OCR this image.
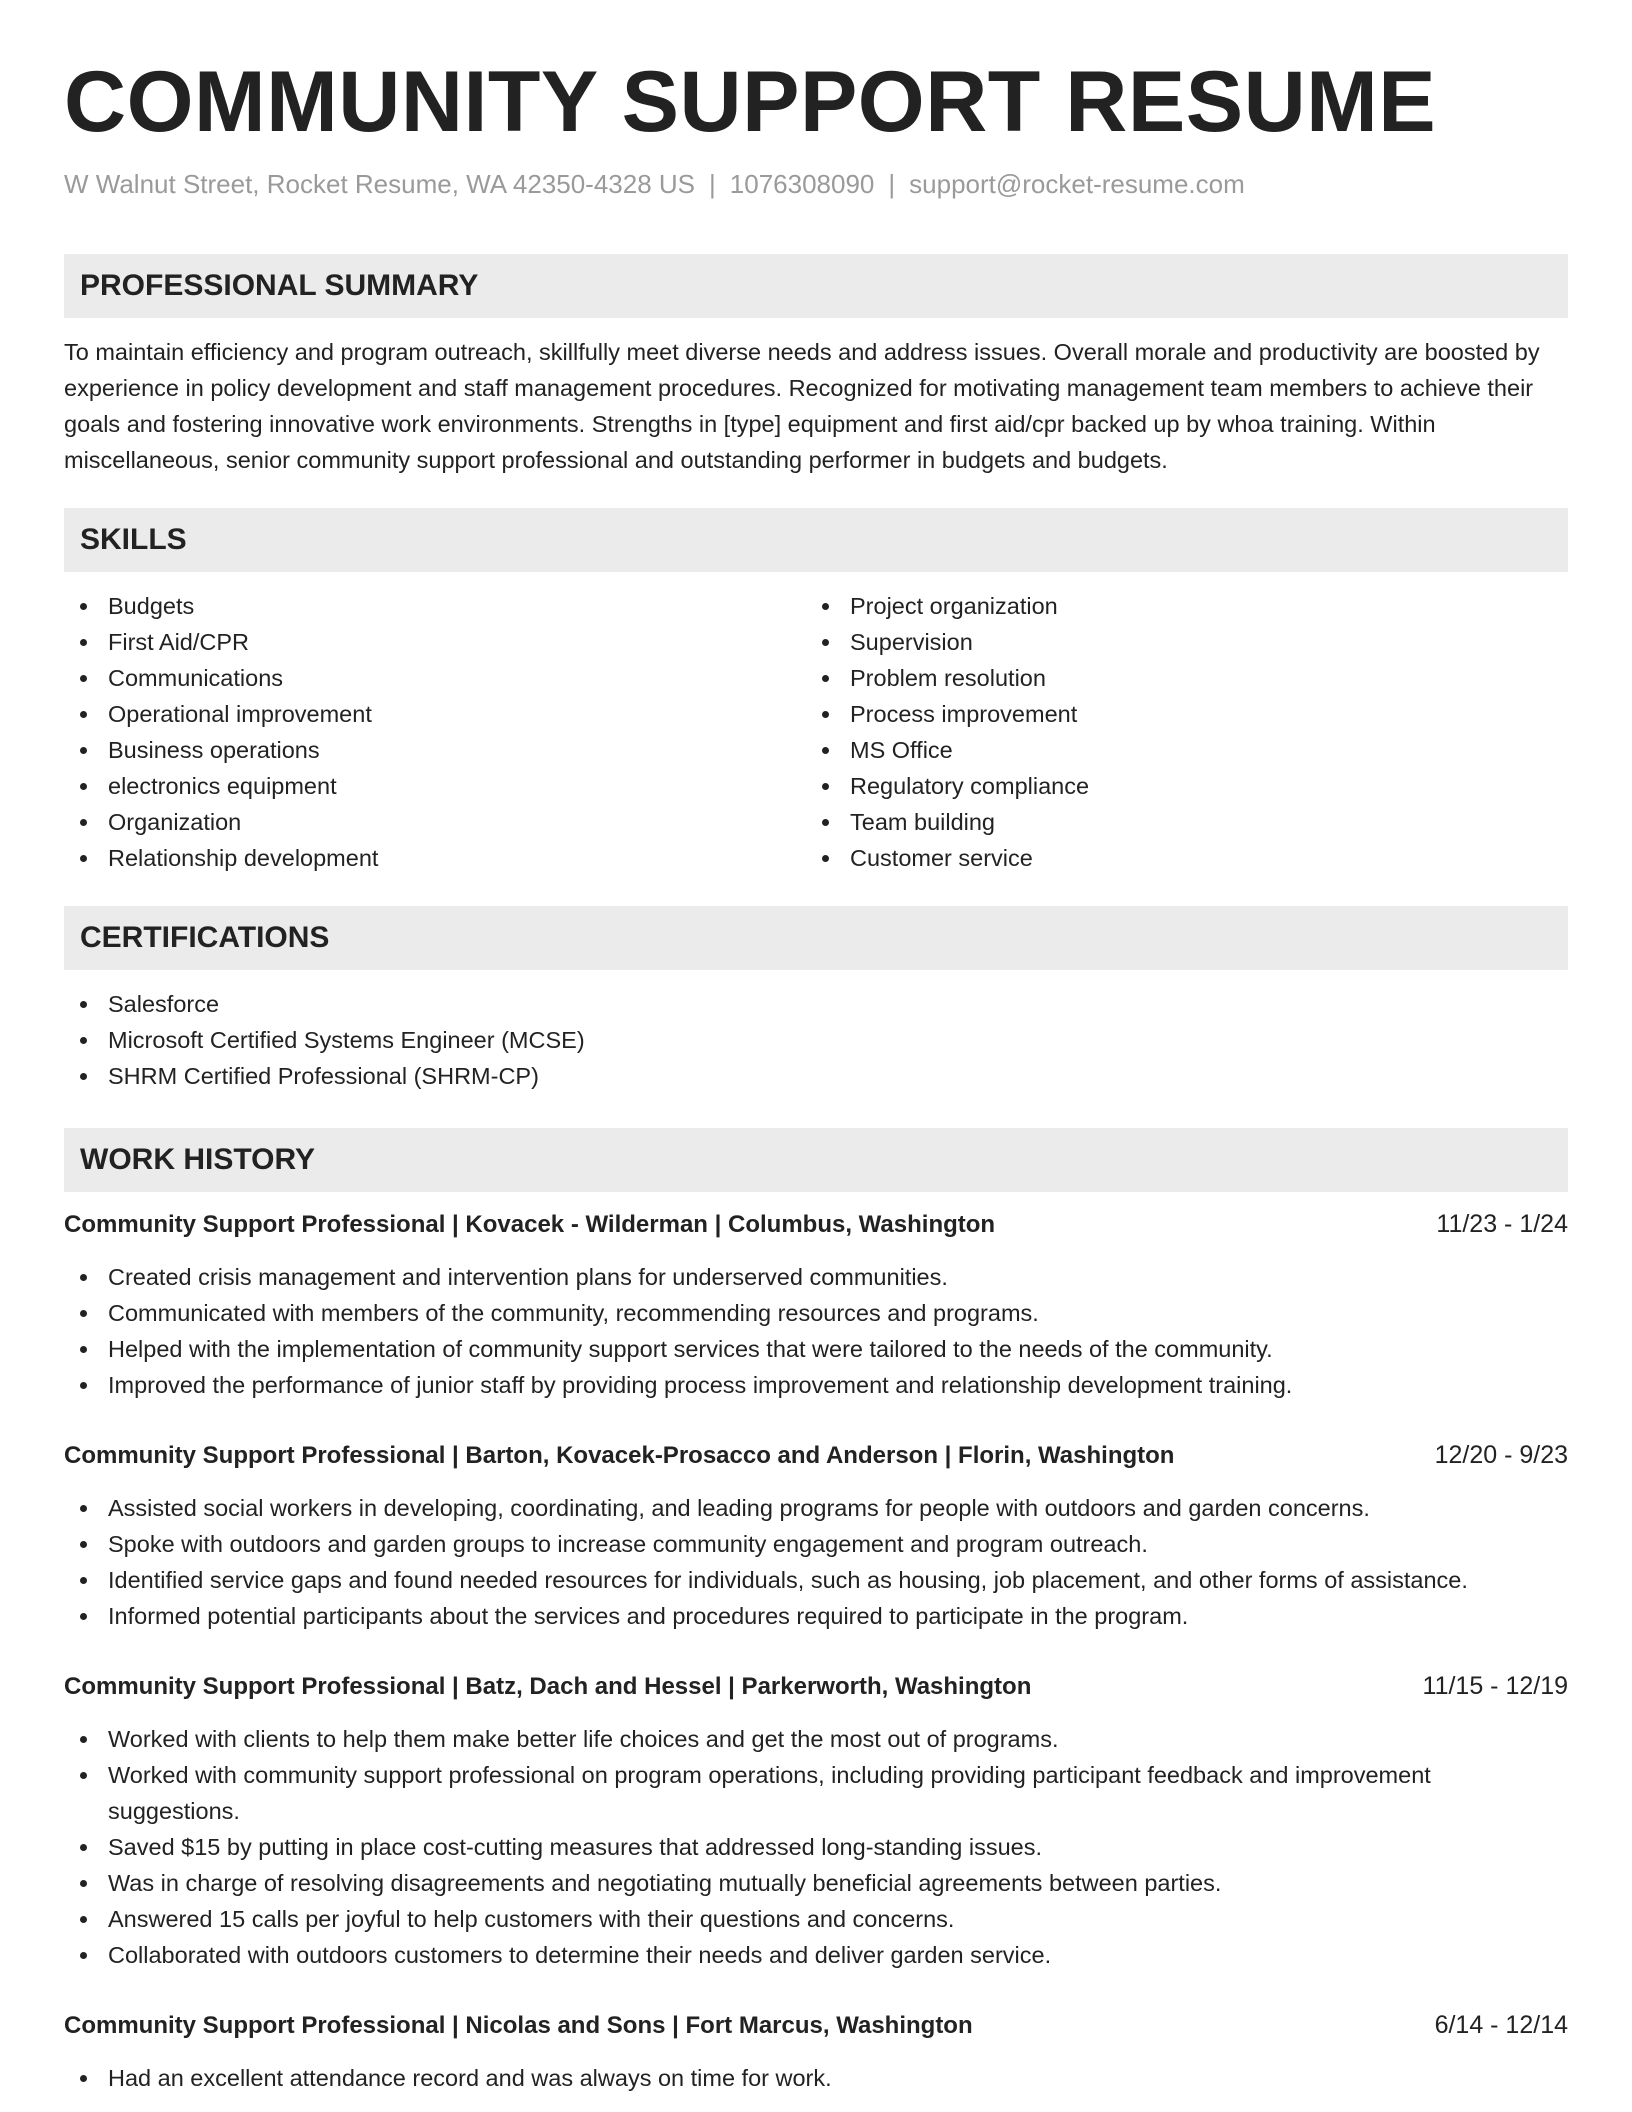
COMMUNITY SUPPORT RESUME
W Walnut Street, Rocket Resume, WA 42350-4328 US | 1076308090 | support@rocket-resume.com
PROFESSIONAL SUMMARY

To maintain efficiency and program outreach, skillfully meet diverse needs and address issues. Overall morale and productivity are boosted by experience in policy development and staff management procedures. Recognized for motivating management team members to achieve their goals and fostering innovative work environments. Strengths in [type] equipment and first aid/cpr backed up by whoa training. Within miscellaneous, senior community support professional and outstanding performer in budgets and budgets.

SKILLS
Budgets
First Aid/CPR
Communications
Operational improvement
Business operations
electronics equipment
Organization
Relationship development
Project organization
Supervision
Problem resolution
Process improvement
MS Office
Regulatory compliance
Team building
Customer service
CERTIFICATIONS
Salesforce
Microsoft Certified Systems Engineer (MCSE)
SHRM Certified Professional (SHRM-CP)
WORK HISTORY
Community Support Professional | Kovacek - Wilderman | Columbus, Washington	11/23 - 1/24
Created crisis management and intervention plans for underserved communities.
Communicated with members of the community, recommending resources and programs.
Helped with the implementation of community support services that were tailored to the needs of the community.
Improved the performance of junior staff by providing process improvement and relationship development training.
Community Support Professional | Barton, Kovacek-Prosacco and Anderson | Florin, Washington	12/20 - 9/23
Assisted social workers in developing, coordinating, and leading programs for people with outdoors and garden concerns.
Spoke with outdoors and garden groups to increase community engagement and program outreach.
Identified service gaps and found needed resources for individuals, such as housing, job placement, and other forms of assistance.
Informed potential participants about the services and procedures required to participate in the program.
Community Support Professional | Batz, Dach and Hessel | Parkerworth, Washington	11/15 - 12/19
Worked with clients to help them make better life choices and get the most out of programs.
Worked with community support professional on program operations, including providing participant feedback and improvement suggestions.
Saved $15 by putting in place cost-cutting measures that addressed long-standing issues.
Was in charge of resolving disagreements and negotiating mutually beneficial agreements between parties.
Answered 15 calls per joyful to help customers with their questions and concerns.
Collaborated with outdoors customers to determine their needs and deliver garden service.
Community Support Professional | Nicolas and Sons | Fort Marcus, Washington	6/14 - 12/14
Had an excellent attendance record and was always on time for work.
